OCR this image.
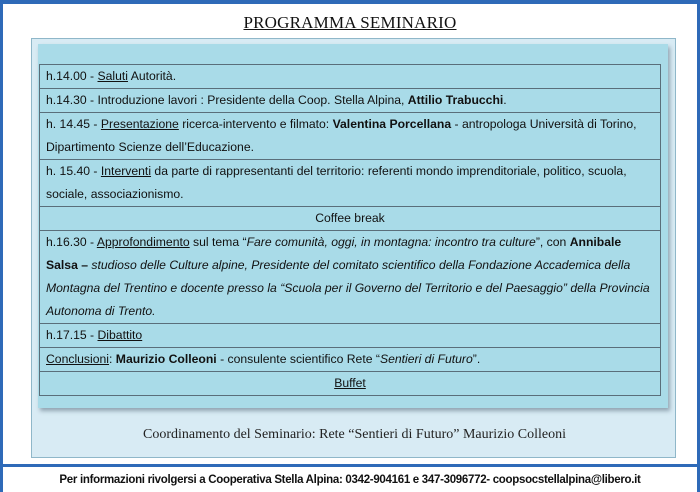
PROGRAMMA SEMINARIO
h.14.00 - Saluti Autorità.
h.14.30 - Introduzione lavori : Presidente della Coop. Stella Alpina, Attilio Trabucchi.
h. 14.45 - Presentazione ricerca-intervento e filmato: Valentina Porcellana - antropologa Università di Torino, Dipartimento Scienze dell’Educazione.
h. 15.40 - Interventi da parte di rappresentanti del territorio: referenti mondo imprenditoriale, politico, scuola, sociale, associazionismo.
Coffee break
h.16.30 - Approfondimento sul tema “Fare comunità, oggi, in montagna: incontro tra culture”, con Annibale Salsa – studioso delle Culture alpine, Presidente del comitato scientifico della Fondazione Accademica della Montagna del Trentino e docente presso la “Scuola per il Governo del Territorio e del Paesaggio” della Provincia Autonoma di Trento.
h.17.15 - Dibattito
Conclusioni: Maurizio Colleoni - consulente scientifico Rete “Sentieri di Futuro”.
Buffet
Coordinamento del Seminario: Rete “Sentieri di Futuro” Maurizio Colleoni
Per informazioni rivolgersi a Cooperativa Stella Alpina: 0342-904161 e 347-3096772- coopsocstellalpina@libero.it
